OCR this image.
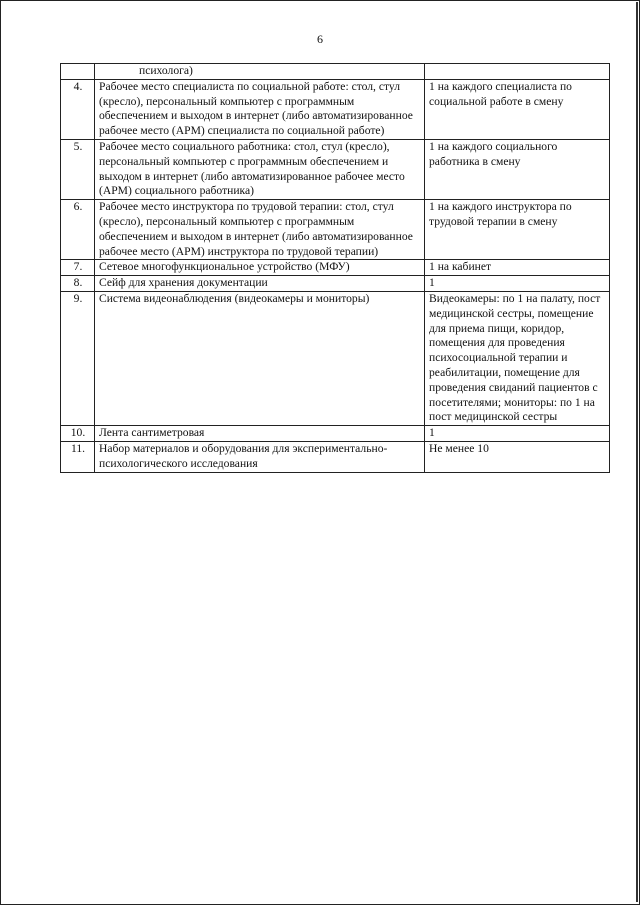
6
	психолога)	
4.	Рабочее место специалиста по социальной работе: стол, стул (кресло), персональный компьютер с программным обеспечением и выходом в интернет (либо автоматизированное рабочее место (АРМ) специалиста по социальной работе)	1 на каждого специалиста по социальной работе в смену
5.	Рабочее место социального работника: стол, стул (кресло), персональный компьютер с программным обеспечением и выходом в интернет (либо автоматизированное рабочее место (АРМ) социального работника)	1 на каждого социального работника в смену
6.	Рабочее место инструктора по трудовой терапии: стол, стул (кресло), персональный компьютер с программным обеспечением и выходом в интернет (либо автоматизированное рабочее место (АРМ) инструктора по трудовой терапии)	1 на каждого инструктора по трудовой терапии в смену
7.	Сетевое многофункциональное устройство (МФУ)	1 на кабинет
8.	Сейф для хранения документации	1
9.	Система видеонаблюдения (видеокамеры и мониторы)	Видеокамеры: по 1 на палату, пост медицинской сестры, помещение для приема пищи, коридор, помещения для проведения психосоциальной терапии и реабилитации, помещение для проведения свиданий пациентов с посетителями; мониторы: по 1 на пост медицинской сестры
10.	Лента сантиметровая	1
11.	Набор материалов и оборудования для экспериментально-психологического исследования	Не менее 10
